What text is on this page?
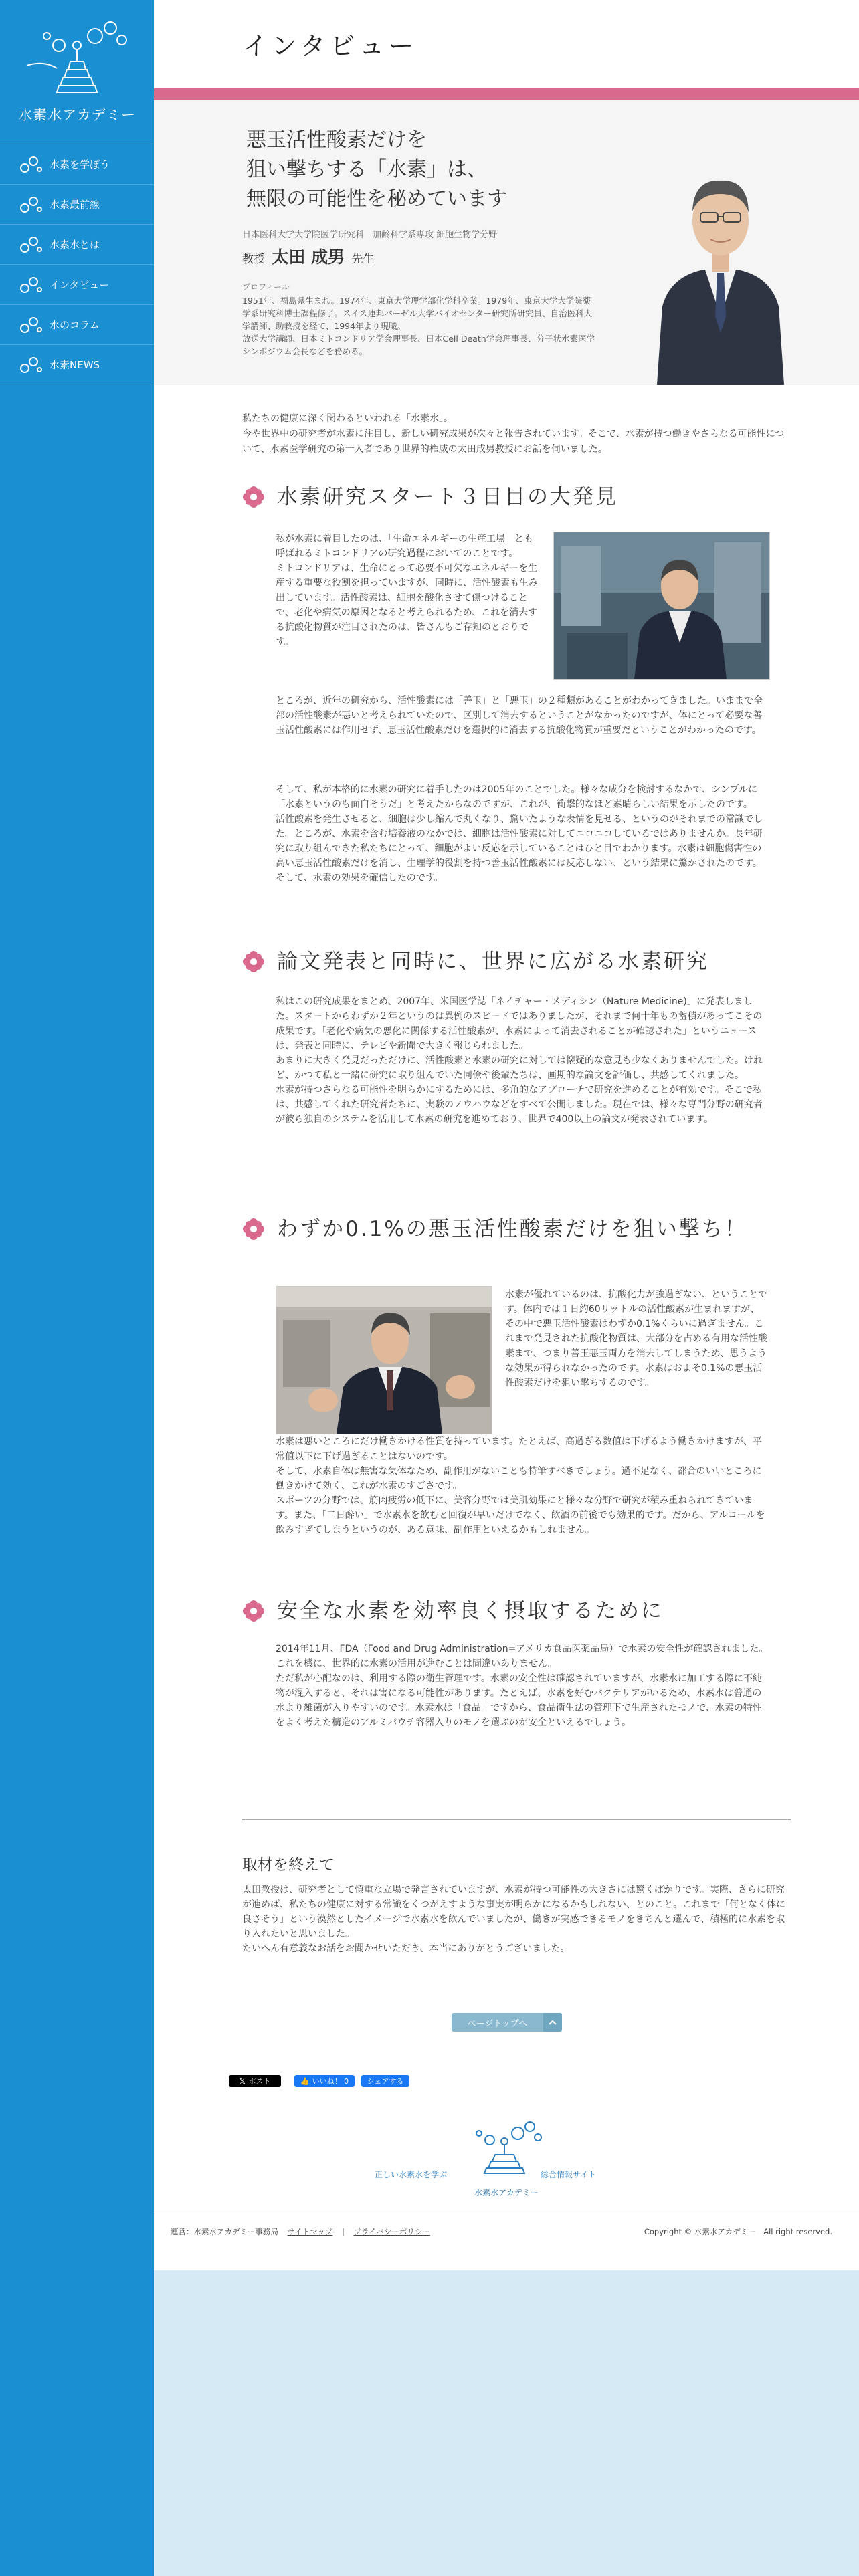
水素水アカデミー
水素を学ぼう
水素最前線
水素水とは
インタビュー
水のコラム
水素NEWS
インタビュー
悪玉活性酸素だけを
狙い撃ちする「水素」は、
無限の可能性を秘めています
日本医科大学大学院医学研究科　加齢科学系専攻 細胞生物学分野
教授 太田 成男 先生
プロフィール
1951年、福島県生まれ。1974年、東京大学理学部化学科卒業。1979年、東京大学大学院薬学系研究科博士課程修了。スイス連邦バーゼル大学バイオセンター研究所研究員、自治医科大学講師、助教授を経て、1994年より現職。
放送大学講師、日本ミトコンドリア学会理事長、日本Cell Death学会理事長、分子状水素医学シンポジウム会長などを務める。
私たちの健康に深く関わるといわれる「水素水」。
今や世界中の研究者が水素に注目し、新しい研究成果が次々と報告されています。そこで、水素が持つ働きやさらなる可能性について、水素医学研究の第一人者であり世界的権威の太田成男教授にお話を伺いました。
水素研究スタート３日目の大発見
私が水素に着目したのは、「生命エネルギーの生産工場」とも呼ばれるミトコンドリアの研究過程においてのことです。
ミトコンドリアは、生命にとって必要不可欠なエネルギーを生産する重要な役割を担っていますが、同時に、活性酸素も生み出しています。活性酸素は、細胞を酸化させて傷つけることで、老化や病気の原因となると考えられるため、これを消去する抗酸化物質が注目されたのは、皆さんもご存知のとおりです。
ところが、近年の研究から、活性酸素には「善玉」と「悪玉」の２種類があることがわかってきました。いままで全部の活性酸素が悪いと考えられていたので、区別して消去するということがなかったのですが、体にとって必要な善玉活性酸素には作用せず、悪玉活性酸素だけを選択的に消去する抗酸化物質が重要だということがわかったのです。
そして、私が本格的に水素の研究に着手したのは2005年のことでした。様々な成分を検討するなかで、シンプルに「水素というのも面白そうだ」と考えたからなのですが、これが、衝撃的なほど素晴らしい結果を示したのです。
活性酸素を発生させると、細胞は少し縮んで丸くなり、驚いたような表情を見せる、というのがそれまでの常識でした。ところが、水素を含む培養液のなかでは、細胞は活性酸素に対してニコニコしているではありませんか。長年研究に取り組んできた私たちにとって、細胞がよい反応を示していることはひと目でわかります。水素は細胞傷害性の高い悪玉活性酸素だけを消し、生理学的役割を持つ善玉活性酸素には反応しない、という結果に驚かされたのです。そして、水素の効果を確信したのです。
論文発表と同時に、世界に広がる水素研究
私はこの研究成果をまとめ、2007年、米国医学誌「ネイチャー・メディシン（Nature Medicine)」に発表しました。スタートからわずか２年というのは異例のスピードではありましたが、それまで何十年もの蓄積があってこその成果です。「老化や病気の悪化に関係する活性酸素が、水素によって消去されることが確認された」というニュースは、発表と同時に、テレビや新聞で大きく報じられました。
あまりに大きく発見だっただけに、活性酸素と水素の研究に対しては懐疑的な意見も少なくありませんでした。けれど、かつて私と一緒に研究に取り組んでいた同僚や後輩たちは、画期的な論文を評価し、共感してくれました。
水素が持つさらなる可能性を明らかにするためには、多角的なアプローチで研究を進めることが有効です。そこで私は、共感してくれた研究者たちに、実験のノウハウなどをすべて公開しました。現在では、様々な専門分野の研究者が彼ら独自のシステムを活用して水素の研究を進めており、世界で400以上の論文が発表されています。
わずか0.1%の悪玉活性酸素だけを狙い撃ち！
水素が優れているのは、抗酸化力が強過ぎない、ということです。体内では１日約60リットルの活性酸素が生まれますが、その中で悪玉活性酸素はわずか0.1%くらいに過ぎません。これまで発見された抗酸化物質は、大部分を占める有用な活性酸素まで、つまり善玉悪玉両方を消去してしまうため、思うような効果が得られなかったのです。水素はおよそ0.1%の悪玉活性酸素だけを狙い撃ちするのです。
水素は悪いところにだけ働きかける性質を持っています。たとえば、高過ぎる数値は下げるよう働きかけますが、平常値以下に下げ過ぎることはないのです。
そして、水素自体は無害な気体なため、副作用がないことも特筆すべきでしょう。過不足なく、都合のいいところに働きかけて効く、これが水素のすごさです。
スポーツの分野では、筋肉疲労の低下に、美容分野では美肌効果にと様々な分野で研究が積み重ねられてきています。また、「二日酔い」で水素水を飲むと回復が早いだけでなく、飲酒の前後でも効果的です。だから、アルコールを飲みすぎてしまうというのが、ある意味、副作用といえるかもしれません。
安全な水素を効率良く摂取するために
2014年11月、FDA（Food and Drug Administration=アメリカ食品医薬品局）で水素の安全性が確認されました。これを機に、世界的に水素の活用が進むことは間違いありません。
ただ私が心配なのは、利用する際の衛生管理です。水素の安全性は確認されていますが、水素水に加工する際に不純物が混入すると、それは害になる可能性があります。たとえば、水素を好むバクテリアがいるため、水素水は普通の水より雑菌が入りやすいのです。水素水は「食品」ですから、食品衛生法の管理下で生産されたモノで、水素の特性をよく考えた構造のアルミパウチ容器入りのモノを選ぶのが安全といえるでしょう。
取材を終えて
太田教授は、研究者として慎重な立場で発言されていますが、水素が持つ可能性の大きさには驚くばかりです。実際、さらに研究が進めば、私たちの健康に対する常識をくつがえすような事実が明らかになるかもしれない、とのこと。これまで「何となく体に良さそう」という漠然としたイメージで水素水を飲んでいましたが、働きが実感できるモノをきちんと選んで、積極的に水素を取り入れたいと思いました。
たいへん有意義なお話をお聞かせいただき、本当にありがとうございました。
ページトップへ
𝕏 ポスト	👍 いいね！ 0	シェアする
正しい水素水を学ぶ	総合情報サイト
水素水アカデミー
運営：水素水アカデミー事務局 サイトマップ | プライバシーポリシー	Copyright © 水素水アカデミー　All right reserved.
